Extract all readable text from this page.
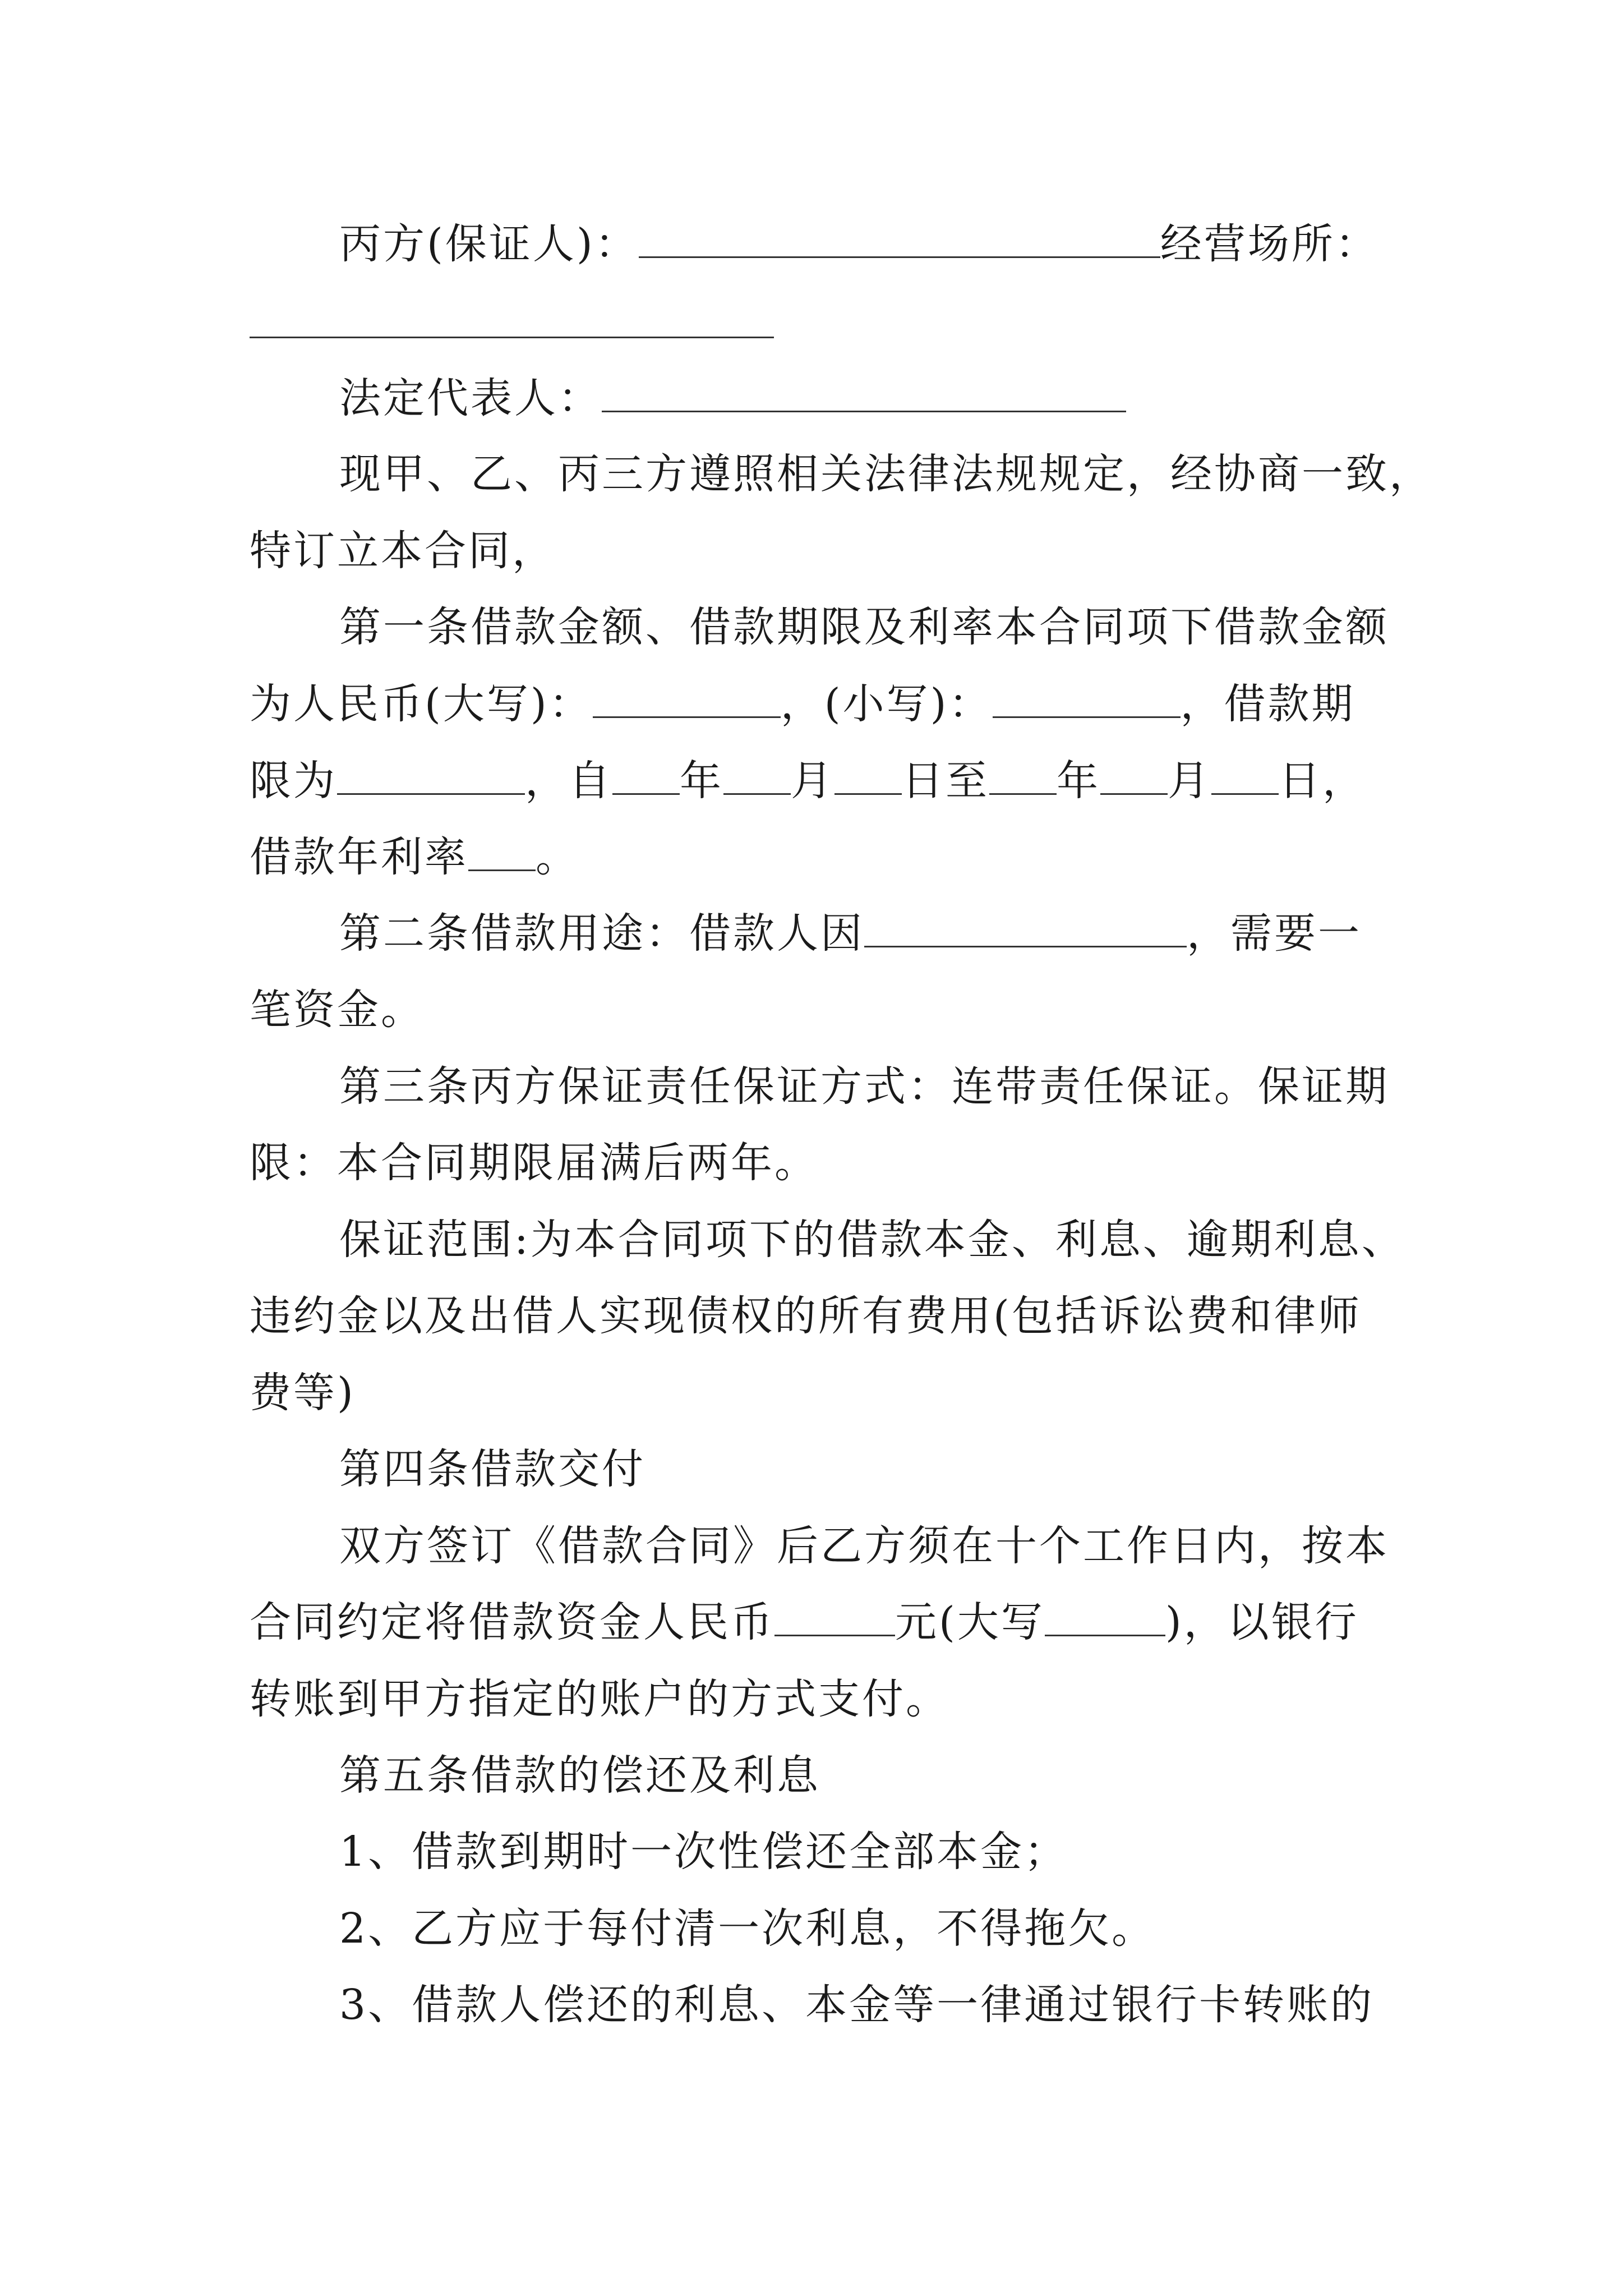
丙方(保证人)：	经营场所：
法定代表人：
现甲、乙、丙三方遵照相关法律法规规定，经协商一致，
特订立本合同，
第一条借款金额、借款期限及利率本合同项下借款金额
为人民币(大写)：	，(小写)：	，借款期
限为	，自 年 月 日至 年 月 日，
借款年利率 。
第二条借款用途：借款人因	，需要一
笔资金。
第三条丙方保证责任保证方式：连带责任保证。保证期
限：本合同期限届满后两年。
保证范围:为本合同项下的借款本金、利息、逾期利息、
违约金以及出借人实现债权的所有费用(包括诉讼费和律师
费等)
第四条借款交付
双方签订《借款合同》后乙方须在十个工作日内，按本
合同约定将借款资金人民币	元(大写	)，以银行
转账到甲方指定的账户的方式支付。
第五条借款的偿还及利息
1、借款到期时一次性偿还全部本金；
2、乙方应于每付清一次利息，不得拖欠。
3、借款人偿还的利息、本金等一律通过银行卡转账的
